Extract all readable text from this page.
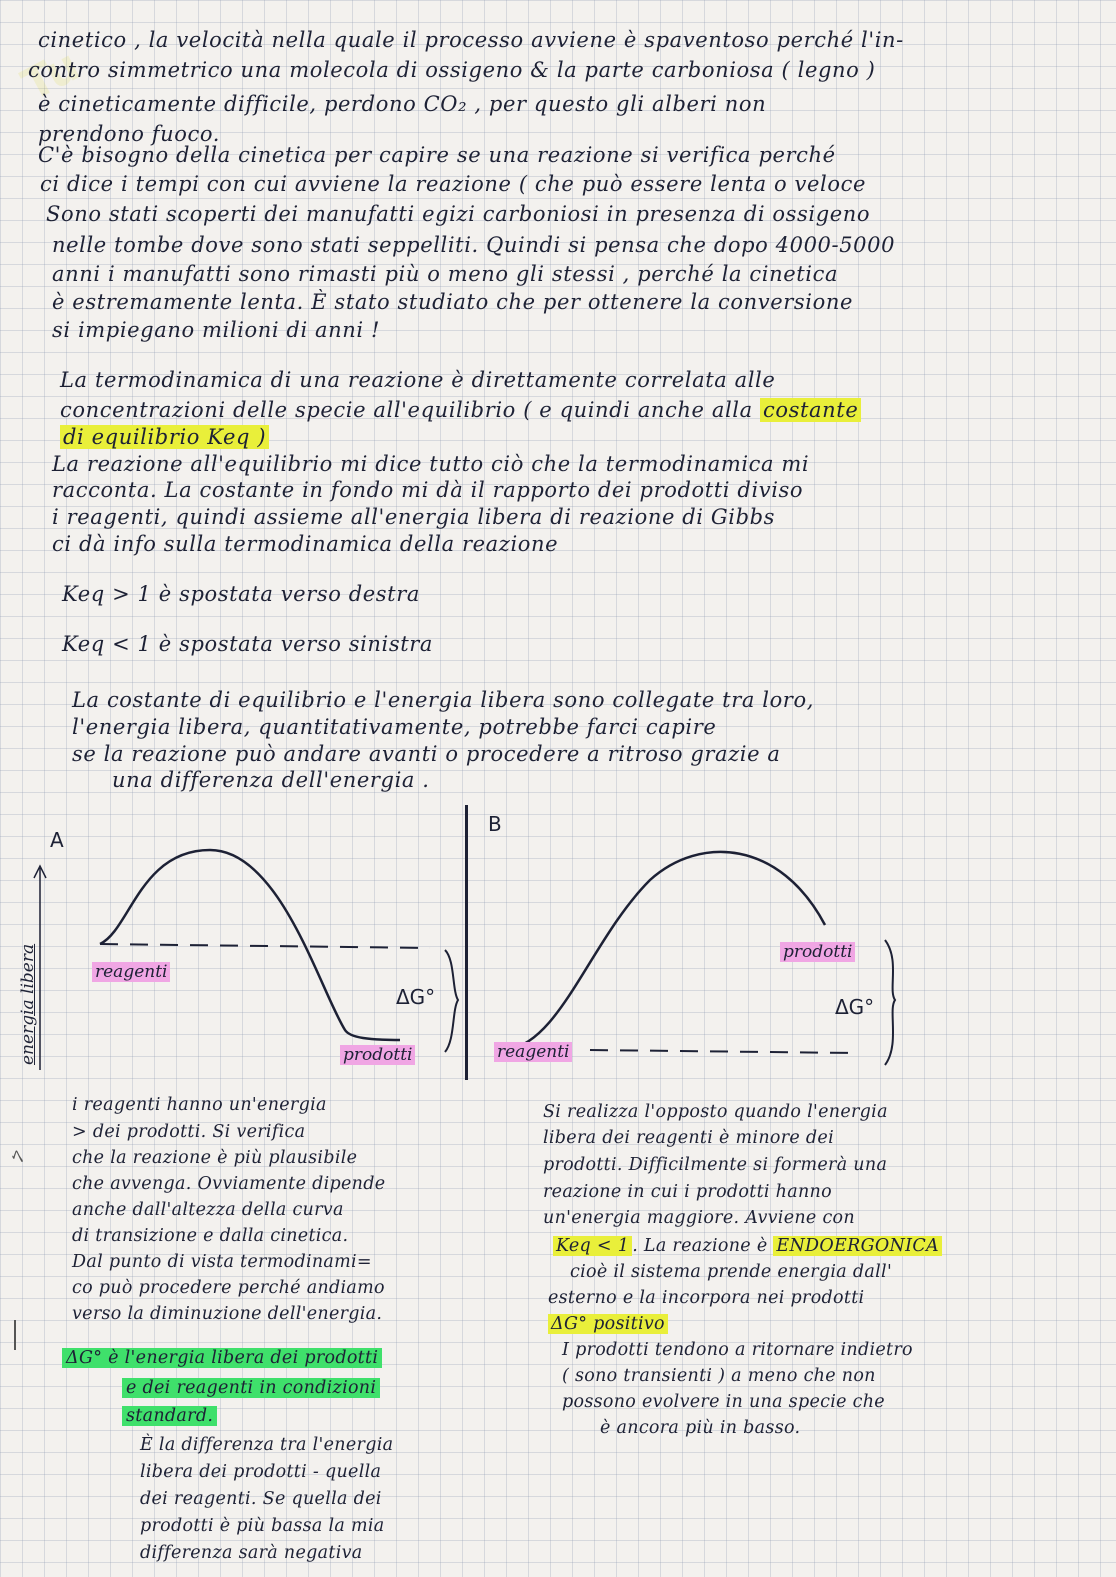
Tu
cinetico , la velocità nella quale il processo avviene è spaventoso perché l'in-
contro simmetrico una molecola di ossigeno & la parte carboniosa ( legno )
è cineticamente difficile, perdono CO₂ , per questo gli alberi non
prendono fuoco.
C'è bisogno della cinetica per capire se una reazione si verifica perché
ci dice i tempi con cui avviene la reazione ( che può essere lenta o veloce
Sono stati scoperti dei manufatti egizi carboniosi in presenza di ossigeno
nelle tombe dove sono stati seppelliti. Quindi si pensa che dopo 4000-5000
anni i manufatti sono rimasti più o meno gli stessi , perché la cinetica
è estremamente lenta. È stato studiato che per ottenere la conversione
si impiegano milioni di anni !
La termodinamica di una reazione è direttamente correlata alle
concentrazioni delle specie all'equilibrio ( e quindi anche alla costante
di equilibrio Keq )
La reazione all'equilibrio mi dice tutto ciò che la termodinamica mi
racconta. La costante in fondo mi dà il rapporto dei prodotti diviso
i reagenti, quindi assieme all'energia libera di reazione di Gibbs
ci dà info sulla termodinamica della reazione
Keq > 1 è spostata verso destra
Keq < 1 è spostata verso sinistra
La costante di equilibrio e l'energia libera sono collegate tra loro,
l'energia libera, quantitativamente, potrebbe farci capire
se la reazione può andare avanti o procedere a ritroso grazie a
una differenza dell'energia .
A
B
energia libera	reagenti
prodotti
ΔG°
prodotti
reagenti
ΔG°
ﾍ
i reagenti hanno un'energia
> dei prodotti. Si verifica
che la reazione è più plausibile
che avvenga. Ovviamente dipende
anche dall'altezza della curva
di transizione e dalla cinetica.
Dal punto di vista termodinami=
co può procedere perché andiamo
verso la diminuzione dell'energia.
ΔG° è l'energia libera dei prodotti
e dei reagenti in condizioni
standard.
È la differenza tra l'energia
libera dei prodotti - quella
dei reagenti. Se quella dei
prodotti è più bassa la mia
differenza sarà negativa
Si realizza l'opposto quando l'energia
libera dei reagenti è minore dei
prodotti. Difficilmente si formerà una
reazione in cui i prodotti hanno
un'energia maggiore. Avviene con
Keq < 1 . La reazione è ENDOERGONICA
cioè il sistema prende energia dall'
esterno e la incorpora nei prodotti
ΔG° positivo
I prodotti tendono a ritornare indietro
( sono transienti ) a meno che non
possono evolvere in una specie che
è ancora più in basso.
